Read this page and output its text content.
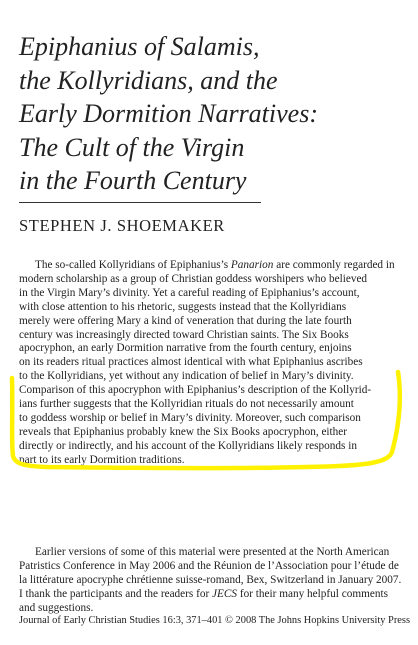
Epiphanius of Salamis,
the Kollyridians, and the
Early Dormition Narratives:
The Cult of the Virgin
in the Fourth Century
STEPHEN J. SHOEMAKER
The so-called Kollyridians of Epiphanius’s Panarion are commonly regarded in
modern scholarship as a group of Christian goddess worshipers who believed
in the Virgin Mary’s divinity. Yet a careful reading of Epiphanius’s account,
with close attention to his rhetoric, suggests instead that the Kollyridians
merely were offering Mary a kind of veneration that during the late fourth
century was increasingly directed toward Christian saints. The Six Books
apocryphon, an early Dormition narrative from the fourth century, enjoins
on its readers ritual practices almost identical with what Epiphanius ascribes
to the Kollyridians, yet without any indication of belief in Mary’s divinity.
Comparison of this apocryphon with Epiphanius’s description of the Kollyrid-
ians further suggests that the Kollyridian rituals do not necessarily amount
to goddess worship or belief in Mary’s divinity. Moreover, such comparison
reveals that Epiphanius probably knew the Six Books apocryphon, either
directly or indirectly, and his account of the Kollyridians likely responds in
part to its early Dormition traditions.
Earlier versions of some of this material were presented at the North American
Patristics Conference in May 2006 and the Réunion de l’Association pour l’étude de
la littérature apocryphe chrétienne suisse-romand, Bex, Switzerland in January 2007.
I thank the participants and the readers for JECS for their many helpful comments
and suggestions.
Journal of Early Christian Studies 16:3, 371–401 © 2008 The Johns Hopkins University Press
